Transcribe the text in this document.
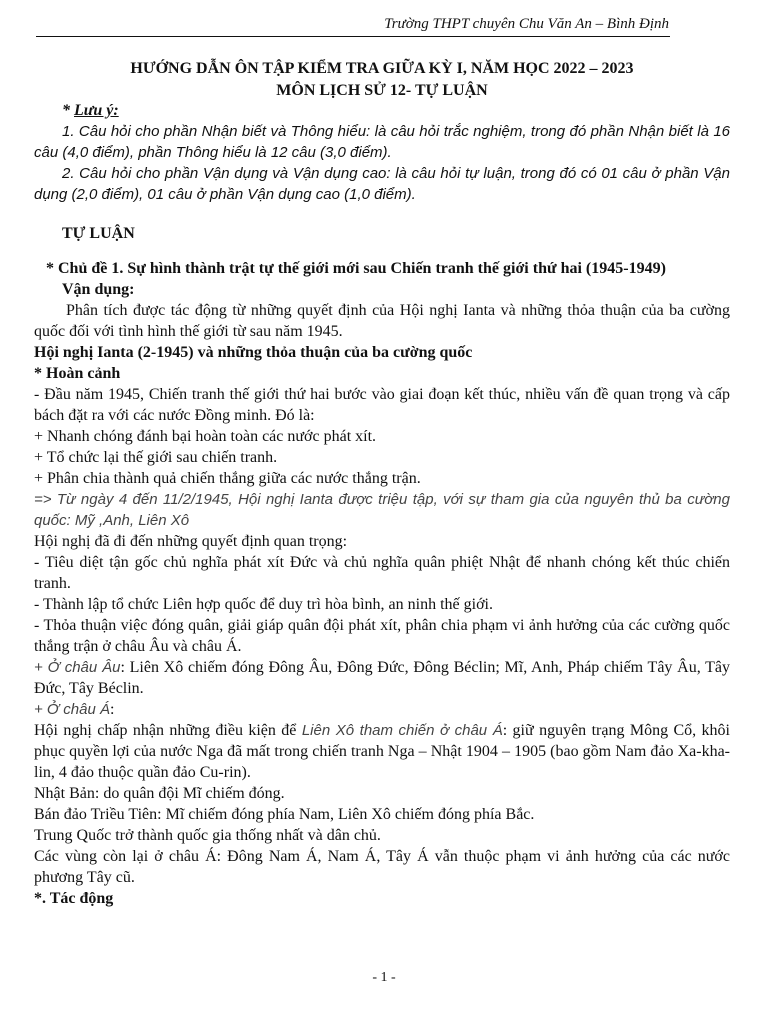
Trường THPT chuyên Chu Văn An – Bình Định
HƯỚNG DẪN ÔN TẬP KIỂM TRA GIỮA KỲ I, NĂM HỌC 2022 – 2023
MÔN LỊCH SỬ 12- TỰ LUẬN
* Lưu ý:
1. Câu hỏi cho phần Nhận biết và Thông hiểu: là câu hỏi trắc nghiệm, trong đó phần Nhận biết là 16 câu (4,0 điểm), phần Thông hiểu là 12 câu (3,0 điểm).
2. Câu hỏi cho phần Vận dụng và Vận dụng cao: là câu hỏi tự luận, trong đó có 01 câu ở phần Vận dụng (2,0 điểm), 01 câu ở phần Vận dụng cao (1,0 điểm).
TỰ LUẬN
* Chủ đề 1. Sự hình thành trật tự thế giới mới sau Chiến tranh thế giới thứ hai (1945-1949)
Vận dụng:
Phân tích được tác động từ những quyết định của Hội nghị Ianta và những thỏa thuận của ba cường quốc đối với tình hình thế giới từ sau năm 1945.
Hội nghị Ianta (2-1945) và những thỏa thuận của ba cường quốc
* Hoàn cảnh
- Đầu năm 1945, Chiến tranh thế giới thứ hai bước vào giai đoạn kết thúc, nhiều vấn đề quan trọng và cấp bách đặt ra với các nước Đồng minh. Đó là:
+ Nhanh chóng đánh bại hoàn toàn các nước phát xít.
+ Tổ chức lại thế giới sau chiến tranh.
+ Phân chia thành quả chiến thắng giữa các nước thắng trận.
=> Từ ngày 4 đến 11/2/1945, Hội nghị Ianta được triệu tập, với sự tham gia của nguyên thủ ba cường quốc: Mỹ ,Anh, Liên Xô
Hội nghị đã đi đến những quyết định quan trọng:
- Tiêu diệt tận gốc chủ nghĩa phát xít Đức và chủ nghĩa quân phiệt Nhật để nhanh chóng kết thúc chiến tranh.
- Thành lập tổ chức Liên hợp quốc để duy trì hòa bình, an ninh thế giới.
- Thỏa thuận việc đóng quân, giải giáp quân đội phát xít, phân chia phạm vi ảnh hưởng của các cường quốc thắng trận ở châu Âu và châu Á.
+ Ở châu Âu: Liên Xô chiếm đóng Đông Âu, Đông Đức, Đông Béclin; Mĩ, Anh, Pháp chiếm Tây Âu, Tây Đức, Tây Béclin.
+ Ở châu Á:
Hội nghị chấp nhận những điều kiện để Liên Xô tham chiến ở châu Á: giữ nguyên trạng Mông Cổ, khôi phục quyền lợi của nước Nga đã mất trong chiến tranh Nga – Nhật 1904 – 1905 (bao gồm Nam đảo Xa-kha-lin, 4 đảo thuộc quần đảo Cu-rin).
Nhật Bản: do quân đội Mĩ chiếm đóng.
Bán đảo Triều Tiên: Mĩ chiếm đóng phía Nam, Liên Xô chiếm đóng phía Bắc.
Trung Quốc trở thành quốc gia thống nhất và dân chủ.
Các vùng còn lại ở châu Á: Đông Nam Á, Nam Á, Tây Á vẫn thuộc phạm vi ảnh hưởng của các nước phương Tây cũ.
*. Tác động
- 1 -
